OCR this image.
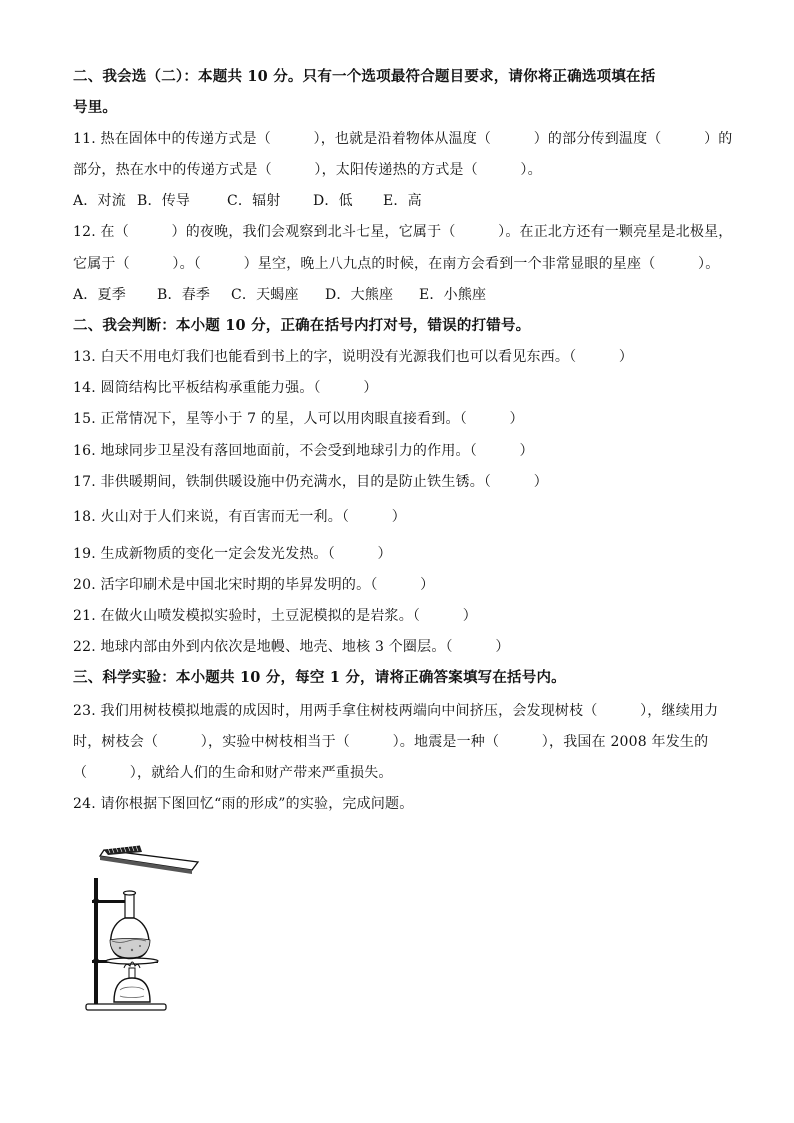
二、我会选（二）：本题共 10 分。只有一个选项最符合题目要求，请你将正确选项填在括
号里。
11. 热在固体中的传递方式是（　　　），也就是沿着物体从温度（　　　）的部分传到温度（　　　）的
部分，热在水中的传递方式是（　　　），太阳传递热的方式是（　　　）。
A．对流 B．传导	C．辐射 D．低 E．高
12. 在（　　　）的夜晚，我们会观察到北斗七星，它属于（　　　）。在正北方还有一颗亮星是北极星，
它属于（　　　）。（　　　）星空，晚上八九点的时候，在南方会看到一个非常显眼的星座（　　　）。
A．夏季 B．春季 C．天蝎座 D．大熊座 E．小熊座
二、我会判断：本小题 10 分，正确在括号内打对号，错误的打错号。
13. 白天不用电灯我们也能看到书上的字，说明没有光源我们也可以看见东西。（　　　）
14. 圆筒结构比平板结构承重能力强。（　　　）
15. 正常情况下，星等小于 7 的星，人可以用肉眼直接看到。（　　　）
16. 地球同步卫星没有落回地面前，不会受到地球引力的作用。（　　　）
17. 非供暖期间，铁制供暖设施中仍充满水，目的是防止铁生锈。（　　　）
18. 火山对于人们来说，有百害而无一利。（　　　）
19. 生成新物质的变化一定会发光发热。（　　　）
20. 活字印刷术是中国北宋时期的毕昇发明的。（　　　）
21. 在做火山喷发模拟实验时，土豆泥模拟的是岩浆。（　　　）
22. 地球内部由外到内依次是地幔、地壳、地核 3 个圈层。（　　　）
三、科学实验：本小题共 10 分，每空 1 分，请将正确答案填写在括号内。
23. 我们用树枝模拟地震的成因时，用两手拿住树枝两端向中间挤压，会发现树枝（　　　），继续用力
时，树枝会（　　　），实验中树枝相当于（　　　）。地震是一种（　　　），我国在 2008 年发生的
（　　　），就给人们的生命和财产带来严重损失。
24. 请你根据下图回忆“雨的形成”的实验，完成问题。
